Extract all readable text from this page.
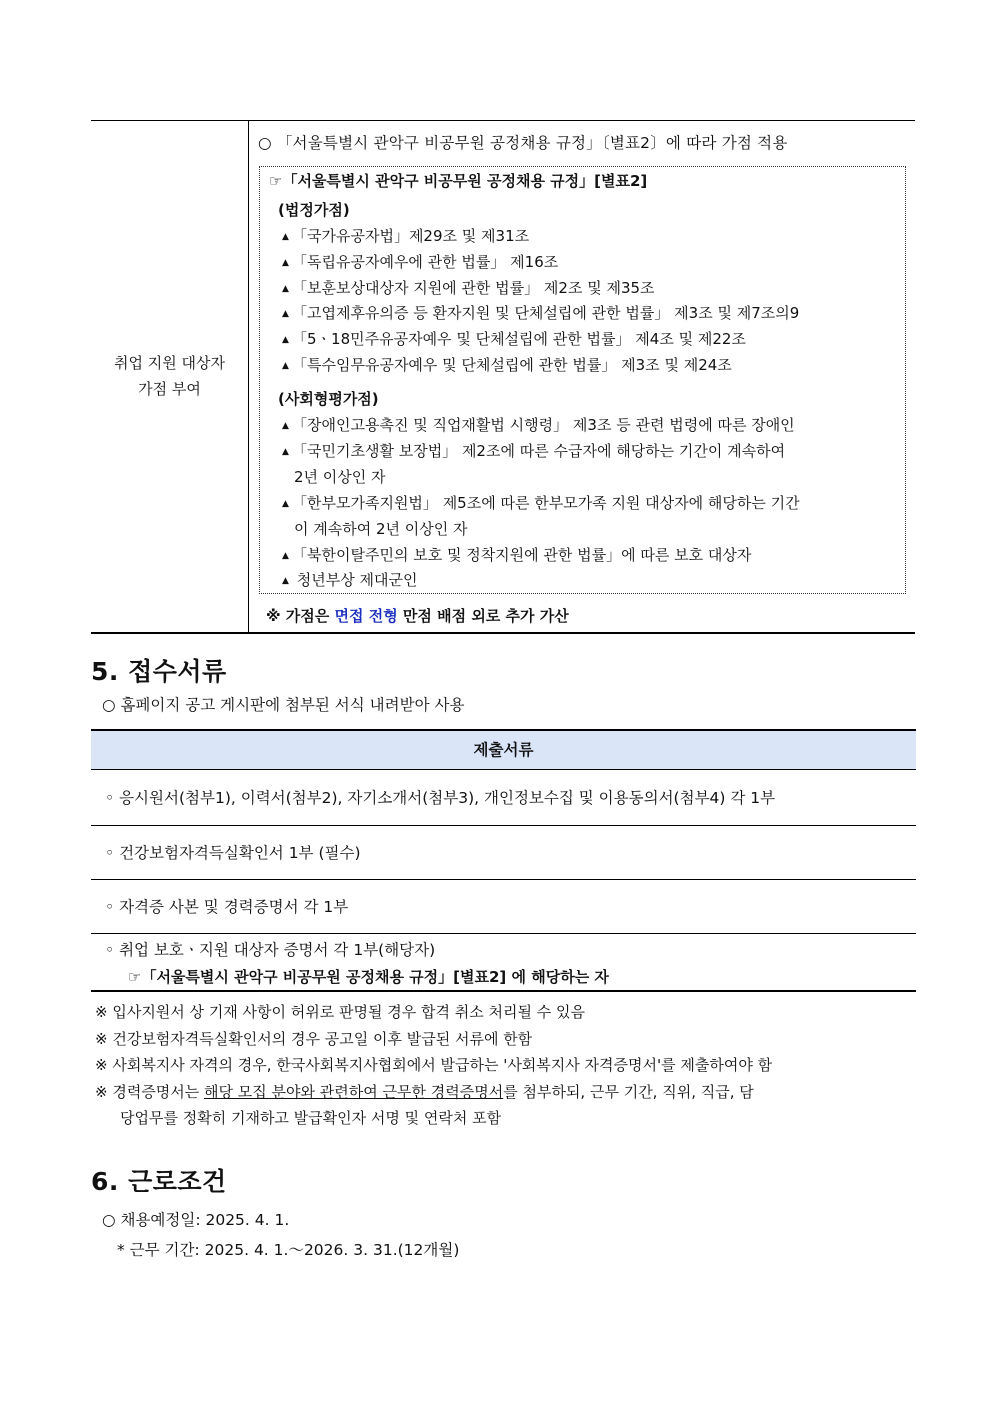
취업 지원 대상자
가점 부여
○ 「서울특별시 관악구 비공무원 공정채용 규정」〔별표2〕에 따라 가점 적용
☞「서울특별시 관악구 비공무원 공정채용 규정」[별표2]
(법정가점)
▲ 「국가유공자법」제29조 및 제31조
▲ 「독립유공자예우에 관한 법률」 제16조
▲ 「보훈보상대상자 지원에 관한 법률」 제2조 및 제35조
▲ 「고엽제후유의증 등 환자지원 및 단체설립에 관한 법률」 제3조 및 제7조의9
▲ 「5ㆍ18민주유공자예우 및 단체설립에 관한 법률」 제4조 및 제22조
▲ 「특수임무유공자예우 및 단체설립에 관한 법률」 제3조 및 제24조
(사회형평가점)
▲ 「장애인고용촉진 및 직업재활법 시행령」 제3조 등 관련 법령에 따른 장애인
▲ 「국민기초생활 보장법」 제2조에 따른 수급자에 해당하는 기간이 계속하여
2년 이상인 자
▲ 「한부모가족지원법」 제5조에 따른 한부모가족 지원 대상자에 해당하는 기간
이 계속하여 2년 이상인 자
▲ 「북한이탈주민의 보호 및 정착지원에 관한 법률」에 따른 보호 대상자
▲ 청년부상 제대군인
※ 가점은 면접 전형 만점 배점 외로 추가 가산
5. 접수서류
○ 홈페이지 공고 게시판에 첨부된 서식 내려받아 사용
제출서류
◦ 응시원서(첨부1), 이력서(첨부2), 자기소개서(첨부3), 개인정보수집 및 이용동의서(첨부4) 각 1부
◦ 건강보험자격득실확인서 1부 (필수)
◦ 자격증 사본 및 경력증명서 각 1부
◦ 취업 보호ㆍ지원 대상자 증명서 각 1부(해당자)
☞「서울특별시 관악구 비공무원 공정채용 규정」[별표2] 에 해당하는 자
※ 입사지원서 상 기재 사항이 허위로 판명될 경우 합격 취소 처리될 수 있음
※ 건강보험자격득실확인서의 경우 공고일 이후 발급된 서류에 한함
※ 사회복지사 자격의 경우, 한국사회복지사협회에서 발급하는 '사회복지사 자격증명서'를 제출하여야 함
※ 경력증명서는 해당 모집 분야와 관련하여 근무한 경력증명서를 첨부하되, 근무 기간, 직위, 직급, 담
당업무를 정확히 기재하고 발급확인자 서명 및 연락처 포함
6. 근로조건
○ 채용예정일: 2025. 4. 1.
* 근무 기간: 2025. 4. 1.～2026. 3. 31.(12개월)
